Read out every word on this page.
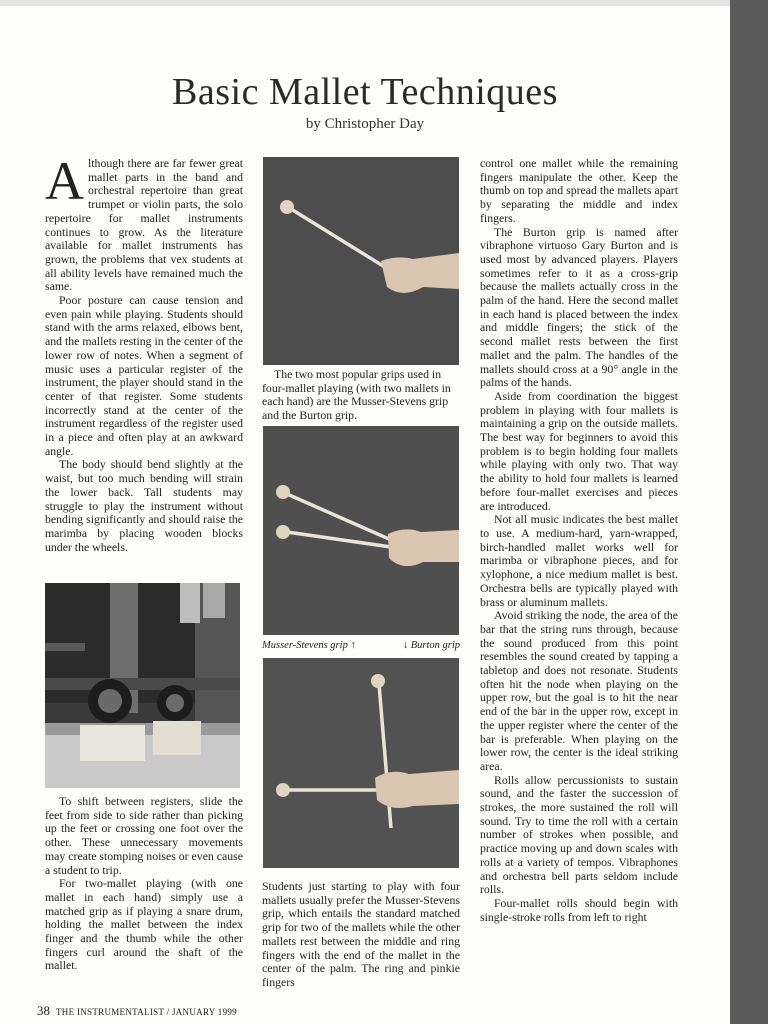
Basic Mallet Techniques
by Christopher Day

Although there are far fewer great mallet parts in the band and orchestral repertoire than great trumpet or violin parts, the solo repertoire for mallet instruments continues to grow. As the literature available for mallet instruments has grown, the problems that vex students at all ability levels have remained much the same.

Poor posture can cause tension and even pain while playing. Students should stand with the arms relaxed, elbows bent, and the mallets resting in the center of the lower row of notes. When a segment of music uses a particular register of the instrument, the player should stand in the center of that register. Some students incorrectly stand at the center of the instrument regardless of the register used in a piece and often play at an awkward angle.

The body should bend slightly at the waist, but too much bending will strain the lower back. Tall students may struggle to play the instrument without bending significantly and should raise the marimba by placing wooden blocks under the wheels.

To shift between registers, slide the feet from side to side rather than picking up the feet or crossing one foot over the other. These unnecessary movements may create stomping noises or even cause a student to trip.

For two-mallet playing (with one mallet in each hand) simply use a matched grip as if playing a snare drum, holding the mallet between the index finger and the thumb while the other fingers curl around the shaft of the mallet.

The two most popular grips used in four-mallet playing (with two mallets in each hand) are the Musser-Stevens grip and the Burton grip.

Musser-Stevens grip ↑	↓ Burton grip

Students just starting to play with four mallets usually prefer the Musser-Stevens grip, which entails the standard matched grip for two of the mallets while the other mallets rest between the middle and ring fingers with the end of the mallet in the center of the palm. The ring and pinkie fingers

control one mallet while the remaining fingers manipulate the other. Keep the thumb on top and spread the mallets apart by separating the middle and index fingers.

The Burton grip is named after vibraphone virtuoso Gary Burton and is used most by advanced players. Players sometimes refer to it as a cross-grip because the mallets actually cross in the palm of the hand. Here the second mallet in each hand is placed between the index and middle fingers; the stick of the second mallet rests between the first mallet and the palm. The handles of the mallets should cross at a 90° angle in the palms of the hands.

Aside from coordination the biggest problem in playing with four mallets is maintaining a grip on the outside mallets. The best way for beginners to avoid this problem is to begin holding four mallets while playing with only two. That way the ability to hold four mallets is learned before four-mallet exercises and pieces are introduced.

Not all music indicates the best mallet to use. A medium-hard, yarn-wrapped, birch-handled mallet works well for marimba or vibraphone pieces, and for xylophone, a nice medium mallet is best. Orchestra bells are typically played with brass or aluminum mallets.

Avoid striking the node, the area of the bar that the string runs through, because the sound produced from this point resembles the sound created by tapping a tabletop and does not resonate. Students often hit the node when playing on the upper row, but the goal is to hit the near end of the bar in the upper row, except in the upper register where the center of the bar is preferable. When playing on the lower row, the center is the ideal striking area.

Rolls allow percussionists to sustain sound, and the faster the succession of strokes, the more sustained the roll will sound. Try to time the roll with a certain number of strokes when possible, and practice moving up and down scales with rolls at a variety of tempos. Vibraphones and orchestra bell parts seldom include rolls.

Four-mallet rolls should begin with single-stroke rolls from left to right

38 THE INSTRUMENTALIST / JANUARY 1999
